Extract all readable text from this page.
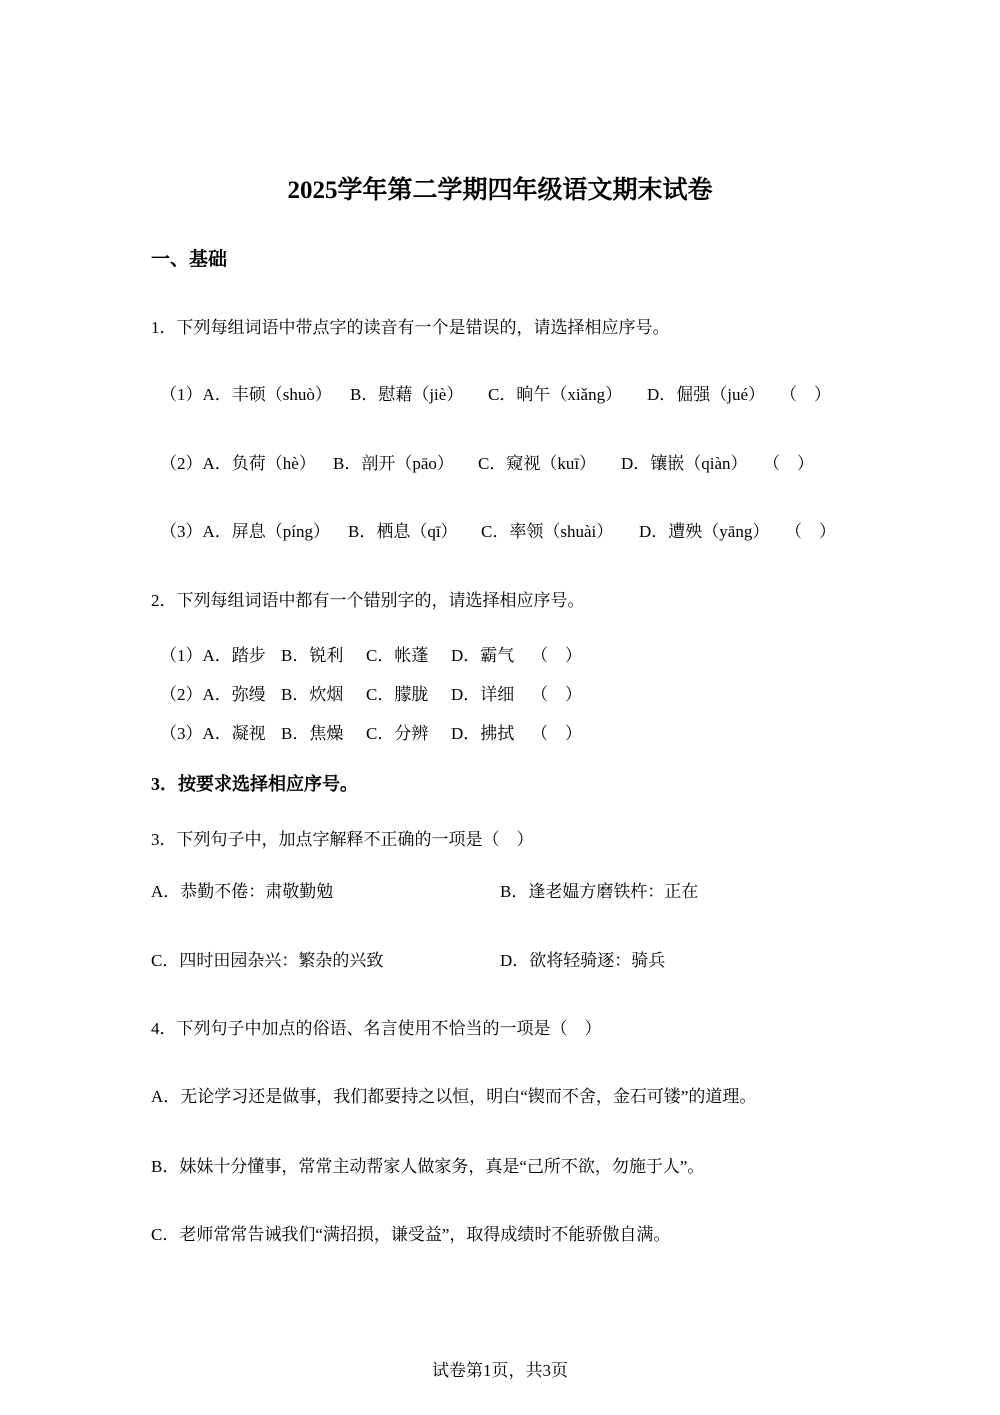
2025学年第二学期四年级语文期末试卷
一、基础
1．下列每组词语中带点字的读音有一个是错误的，请选择相应序号。
（1）A．丰硕（shuò） B．慰藉（jiè） C．晌午（xiǎng） D．倔强（jué） （　）
（2）A．负荷（hè） B．剖开（pāo） C．窥视（kuī） D．镶嵌（qiàn） （　）
（3）A．屏息（píng） B．栖息（qī） C．率领（shuài） D．遭殃（yāng） （　）
2．下列每组词语中都有一个错别字的，请选择相应序号。
（1）A．踏步 B．锐利 C．帐蓬 D．霸气 （　）
（2）A．弥缦 B．炊烟 C．朦胧 D．详细 （　）
（3）A．凝视 B．焦燥 C．分辨 D．拂拭 （　）
3．按要求选择相应序号。
3．下列句子中，加点字解释不正确的一项是（　）
A．恭勤不倦：肃敬勤勉	B．逢老媪方磨铁杵：正在
C．四时田园杂兴：繁杂的兴致	D．欲将轻骑逐：骑兵
4．下列句子中加点的俗语、名言使用不恰当的一项是（　）
A．无论学习还是做事，我们都要持之以恒，明白“锲而不舍，金石可镂”的道理。
B．妹妹十分懂事，常常主动帮家人做家务，真是“己所不欲，勿施于人”。
C．老师常常告诫我们“满招损，谦受益”，取得成绩时不能骄傲自满。
试卷第1页，共3页
